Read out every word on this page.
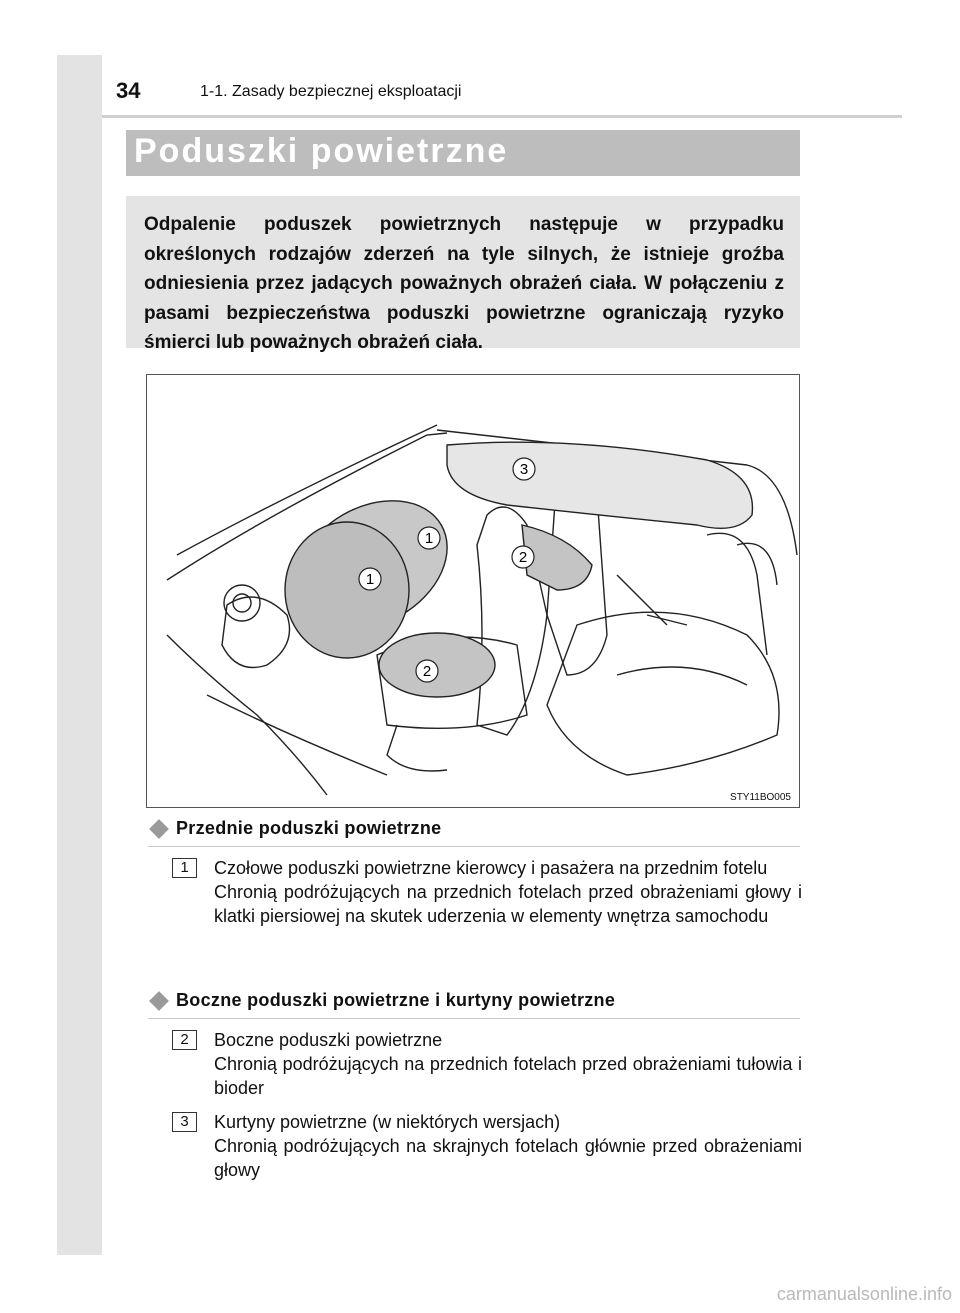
34	1-1. Zasady bezpiecznej eksploatacji
Poduszki powietrzne

Odpalenie poduszek powietrznych następuje w przypadku określonych rodzajów zderzeń na tyle silnych, że istnieje groźba odniesienia przez jadących poważnych obrażeń ciała. W połączeniu z pasami bezpieczeństwa poduszki powietrzne ograniczają ryzyko śmierci lub poważnych obrażeń ciała.

1
1
2
2
3
STY11BO005
Przednie poduszki powietrzne
1	Czołowe poduszki powietrzne kierowcy i pasażera na przednim fotelu
Chronią podróżujących na przednich fotelach przed obrażeniami głowy i klatki piersiowej na skutek uderzenia w elementy wnętrza samochodu
Boczne poduszki powietrzne i kurtyny powietrzne
2	Boczne poduszki powietrzne
Chronią podróżujących na przednich fotelach przed obrażeniami tułowia i bioder
3	Kurtyny powietrzne (w niektórych wersjach)
Chronią podróżujących na skrajnych fotelach głównie przed obrażeniami głowy
carmanualsonline.info
